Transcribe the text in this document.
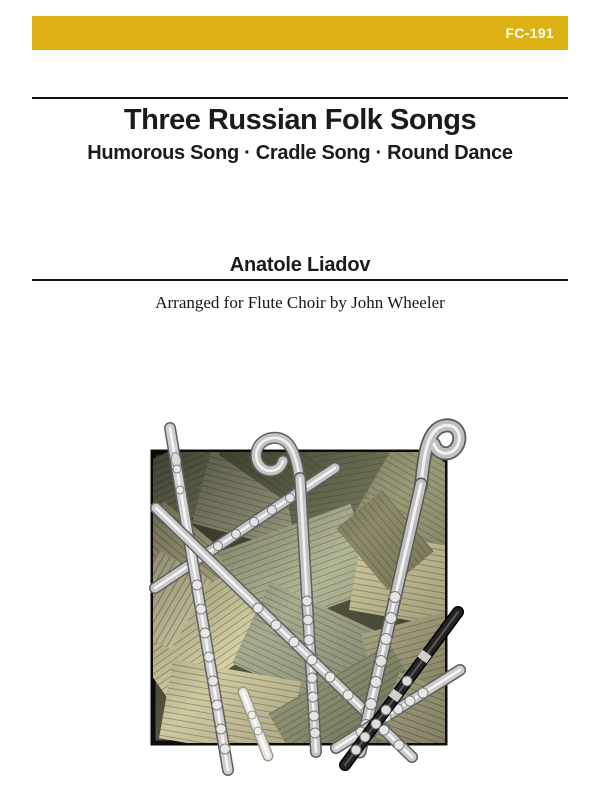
FC-191
Three Russian Folk Songs
Humorous Song · Cradle Song · Round Dance
Anatole Liadov
Arranged for Flute Choir by John Wheeler
